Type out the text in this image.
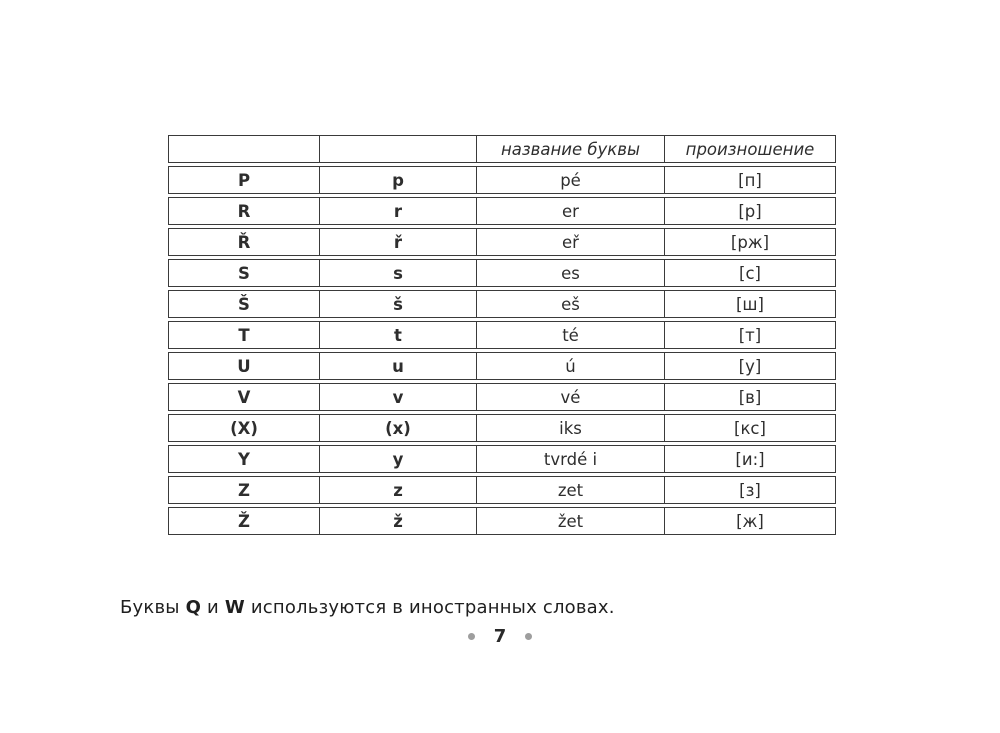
		название буквы	произношение
P	p	pé	[п]
R	r	er	[р]
Ř	ř	eř	[рж]
S	s	es	[с]
Š	š	eš	[ш]
T	t	té	[т]
U	u	ú	[у]
V	v	vé	[в]
(X)	(x)	iks	[кс]
Y	y	tvrdé i	[и:]
Z	z	zet	[з]
Ž	ž	žet	[ж]

Буквы Q и W используются в иностранных словах.

7
